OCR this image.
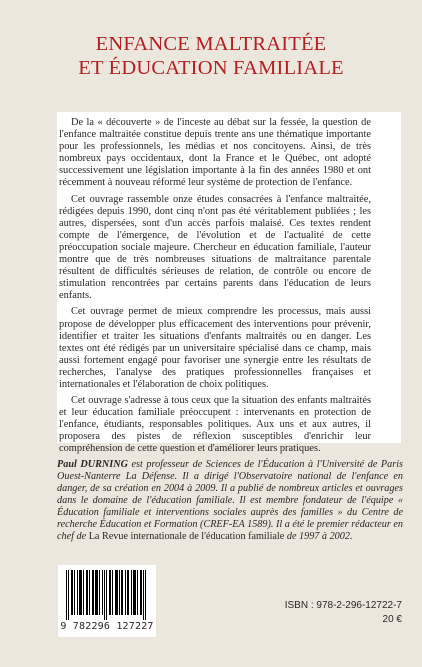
ENFANCE MALTRAITÉE
ET ÉDUCATION FAMILIALE

De la « découverte » de l'inceste au débat sur la fessée, la question de l'enfance maltraitée constitue depuis trente ans une thématique importante pour les professionnels, les médias et nos concitoyens. Ainsi, de très nombreux pays occidentaux, dont la France et le Québec, ont adopté successivement une législation importante à la fin des années 1980 et ont récemment à nouveau réformé leur système de protection de l'enfance.

Cet ouvrage rassemble onze études consacrées à l'enfance maltraitée, rédigées depuis 1990, dont cinq n'ont pas été véritablement publiées ; les autres, dispersées, sont d'un accès parfois malaisé. Ces textes rendent compte de l'émergence, de l'évolution et de l'actualité de cette préoccupation sociale majeure. Chercheur en éducation familiale, l'auteur montre que de très nombreuses situations de maltraitance parentale résultent de difficultés sérieuses de relation, de contrôle ou encore de stimulation rencontrées par certains parents dans l'éducation de leurs enfants.

Cet ouvrage permet de mieux comprendre les processus, mais aussi propose de développer plus efficacement des interventions pour prévenir, identifier et traiter les situations d'enfants maltraités ou en danger. Les textes ont été rédigés par un universitaire spécialisé dans ce champ, mais aussi fortement engagé pour favoriser une synergie entre les résultats de recherches, l'analyse des pratiques professionnelles françaises et internationales et l'élaboration de choix politiques.

Cet ouvrage s'adresse à tous ceux que la situation des enfants maltraités et leur éducation familiale préoccupent : intervenants en protection de l'enfance, étudiants, responsables politiques. Aux uns et aux autres, il proposera des pistes de réflexion susceptibles d'enrichir leur compréhension de cette question et d'améliorer leurs pratiques.

Paul DURNING est professeur de Sciences de l'Éducation à l'Université de Paris Ouest-Nanterre La Défense. Il a dirigé l'Observatoire national de l'enfance en danger, de sa création en 2004 à 2009. Il a publié de nombreux articles et ouvrages dans le domaine de l'éducation familiale. Il est membre fondateur de l'équipe « Éducation familiale et interventions sociales auprès des familles » du Centre de recherche Éducation et Formation (CREF-EA 1589). Il a été le premier rédacteur en chef de La Revue internationale de l'éducation familiale de 1997 à 2002.
9 782296 127227
ISBN : 978-2-296-12722-7
20 €
